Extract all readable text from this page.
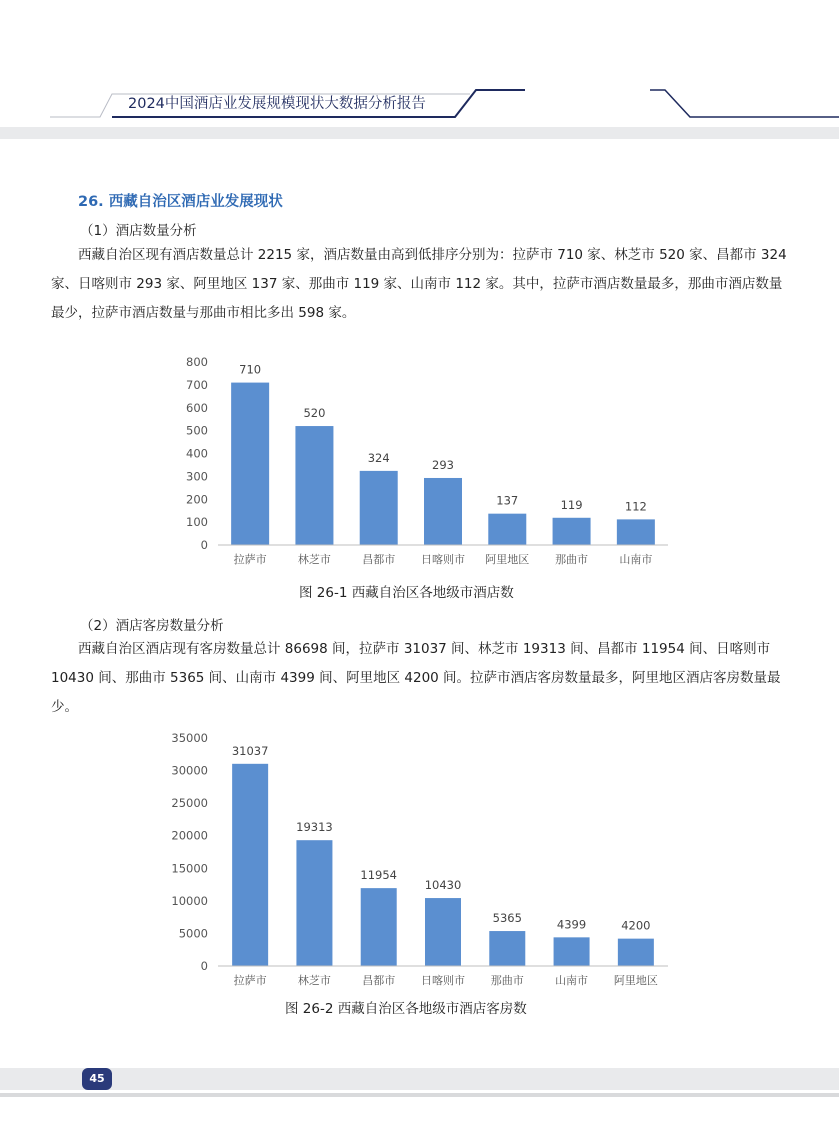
2024中国酒店业发展规模现状大数据分析报告
26. 西藏自治区酒店业发展现状
（1）酒店数量分析

西藏自治区现有酒店数量总计 2215 家，酒店数量由高到低排序分别为：拉萨市 710 家、林芝市 520 家、昌都市 324 家、日喀则市 293 家、阿里地区 137 家、那曲市 119 家、山南市 112 家。其中，拉萨市酒店数量最多，那曲市酒店数量最少，拉萨市酒店数量与那曲市相比多出 598 家。

710
520
324
293
137	119	112
0
100
200
300
400
500
600
700
800
拉萨市	林芝市	昌都市 日喀则市 阿里地区 那曲市	山南市
图 26-1 西藏自治区各地级市酒店数
（2）酒店客房数量分析

西藏自治区酒店现有客房数量总计 86698 间，拉萨市 31037 间、林芝市 19313 间、昌都市 11954 间、日喀则市 10430 间、那曲市 5365 间、山南市 4399 间、阿里地区 4200 间。拉萨市酒店客房数量最多，阿里地区酒店客房数量最少。

31037
19313
11954
10430
5365	4399	4200
0
5000
10000
15000
20000
25000
30000
35000
拉萨市	林芝市	昌都市 日喀则市 那曲市	山南市 阿里地区
图 26-2 西藏自治区各地级市酒店客房数
45
